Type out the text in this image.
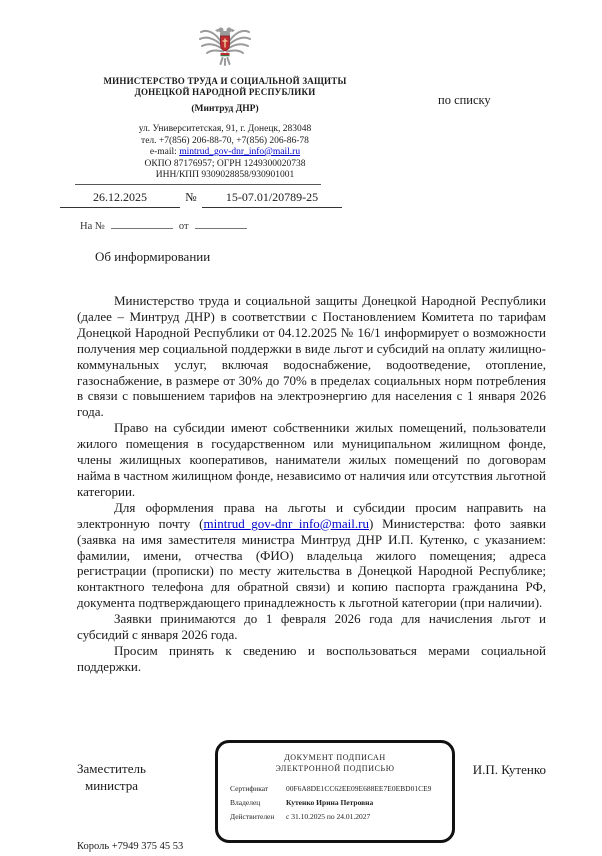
МИНИСТЕРСТВО ТРУДА И СОЦИАЛЬНОЙ ЗАЩИТЫ
ДОНЕЦКОЙ НАРОДНОЙ РЕСПУБЛИКИ
(Минтруд ДНР)
ул. Университетская, 91, г. Донецк, 283048
тел. +7(856) 206-88-70, +7(856) 206-86-78
e-mail: mintrud_gov-dnr_info@mail.ru
ОКПО 87176957; ОГРН 1249300020738
ИНН/КПП 9309028858/930901001
по списку
26.12.2025	№ 15-07.01/20789-25
На №	от
Об информировании

Министерство труда и социальной защиты Донецкой Народной Республики (далее – Минтруд ДНР) в соответствии с Постановлением Комитета по тарифам Донецкой Народной Республики от 04.12.2025 № 16/1 информирует о возможности получения мер социальной поддержки в виде льгот и субсидий на оплату жилищно-коммунальных услуг, включая водоснабжение, водоотведение, отопление, газоснабжение, в размере от 30% до 70% в пределах социальных норм потребления в связи с повышением тарифов на электроэнергию для населения с 1 января 2026 года.

Право на субсидии имеют собственники жилых помещений, пользователи жилого помещения в государственном или муниципальном жилищном фонде, члены жилищных кооперативов, наниматели жилых помещений по договорам найма в частном жилищном фонде, независимо от наличия или отсутствия льготной категории.

Для оформления права на льготы и субсидии просим направить на электронную почту (mintrud_gov-dnr_info@mail.ru) Министерства: фото заявки (заявка на имя заместителя министра Минтруд ДНР И.П. Кутенко, с указанием: фамилии, имени, отчества (ФИО) владельца жилого помещения; адреса регистрации (прописки) по месту жительства в Донецкой Народной Республике; контактного телефона для обратной связи) и копию паспорта гражданина РФ, документа подтверждающего принадлежность к льготной категории (при наличии).

Заявки принимаются до 1 февраля 2026 года для начисления льгот и субсидий с января 2026 года.

Просим принять к сведению и воспользоваться мерами социальной поддержки.

Заместитель
министра
ДОКУМЕНТ ПОДПИСАН
ЭЛЕКТРОННОЙ ПОДПИСЬЮ
Сертификат	00F6A8DE1CC62EE09E688EE7E0EBD01CE9
Владелец	Кутенко Ирина Петровна
Действителен	с 31.10.2025 по 24.01.2027
И.П. Кутенко
Король +7949 375 45 53
